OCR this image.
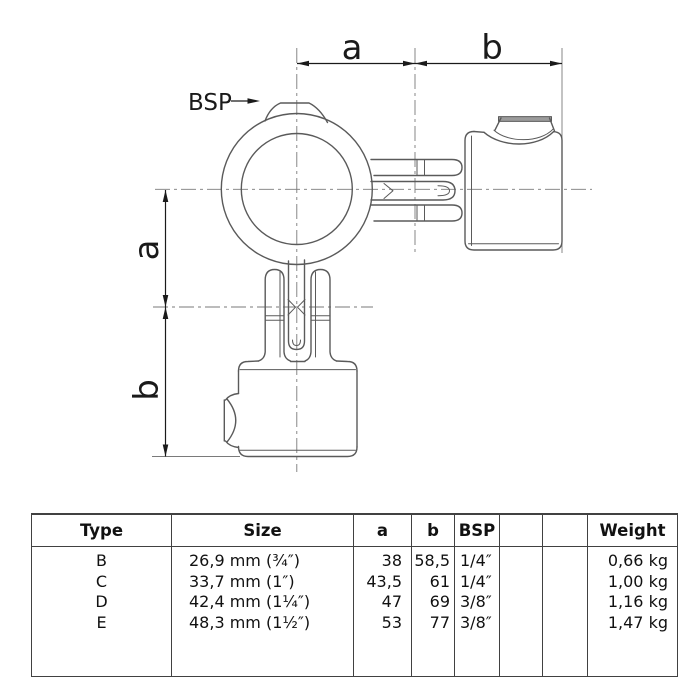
a	b
a
b
BSP
Type	Size	a	b	BSP			Weight
B	26,9 mm (¾″)	38	58,5	1/4″			0,66 kg
C	33,7 mm (1″)	43,5	61	1/4″			1,00 kg
D	42,4 mm (1¼″)	47	69	3/8″			1,16 kg
E	48,3 mm (1½″)	53	77	3/8″			1,47 kg
